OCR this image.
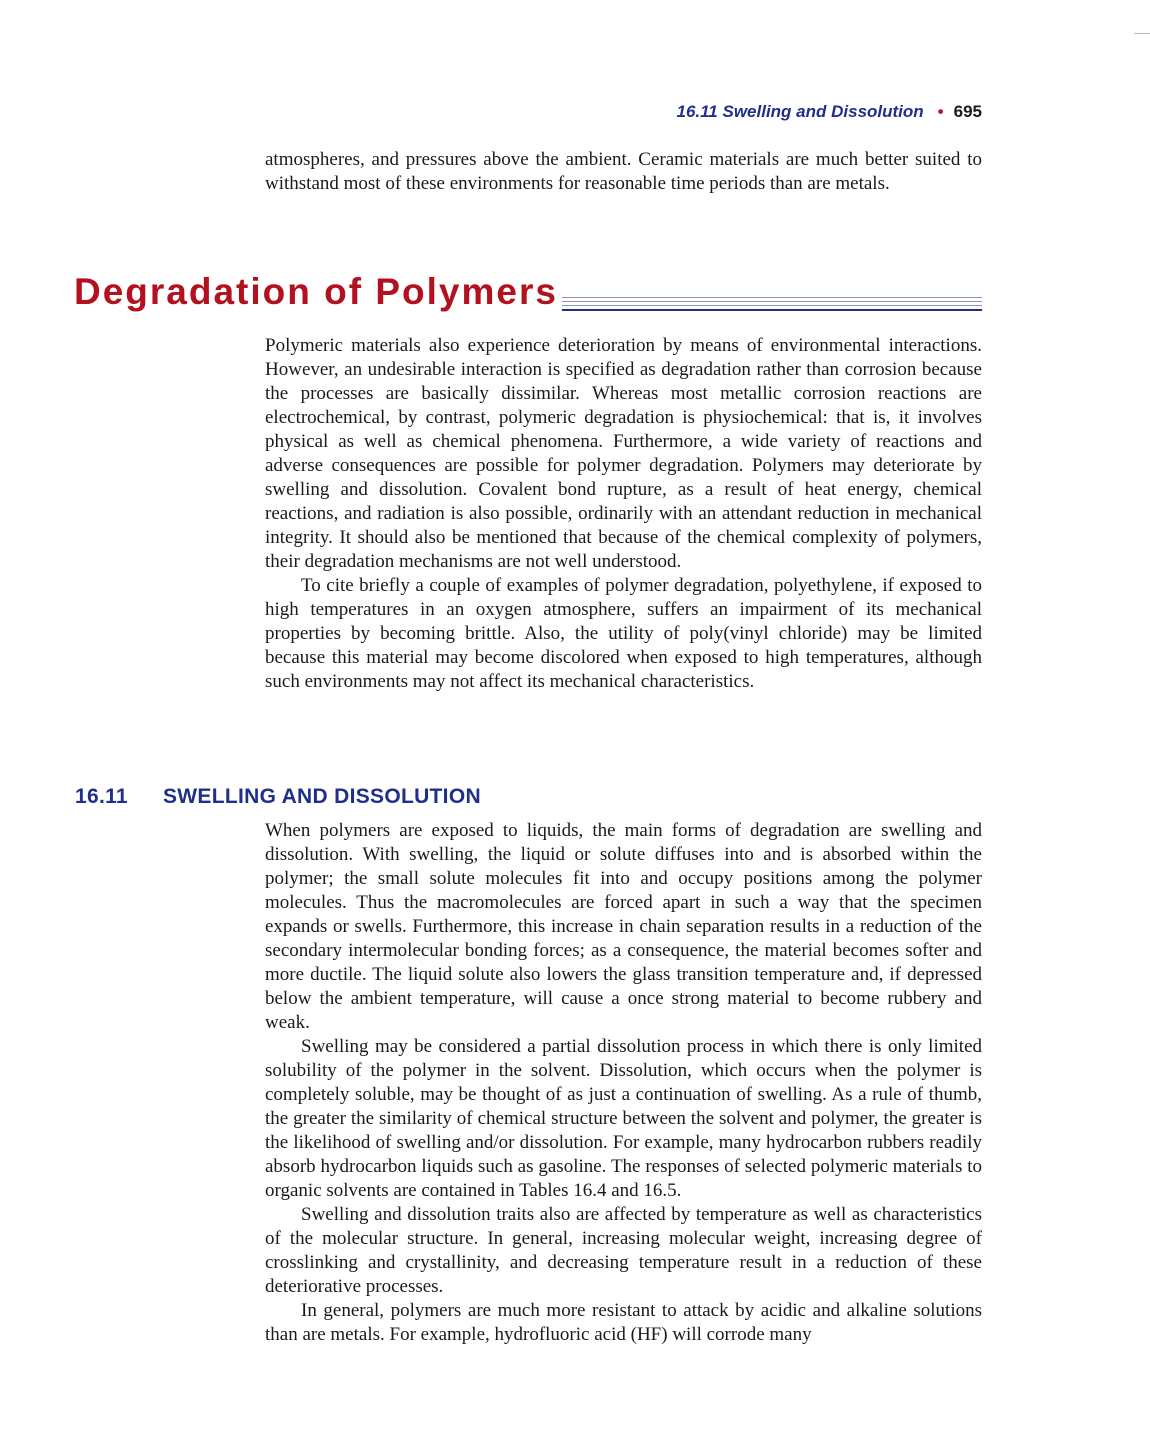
16.11 Swelling and Dissolution • 695

atmospheres, and pressures above the ambient. Ceramic materials are much better suited to withstand most of these environments for reasonable time periods than are metals.

Degradation of Polymers

Polymeric materials also experience deterioration by means of environmental interactions. However, an undesirable interaction is specified as degradation rather than corrosion because the processes are basically dissimilar. Whereas most metallic corrosion reactions are electrochemical, by contrast, polymeric degradation is physiochemical: that is, it involves physical as well as chemical phenomena. Furthermore, a wide variety of reactions and adverse consequences are possible for polymer degradation. Polymers may deteriorate by swelling and dissolution. Covalent bond rupture, as a result of heat energy, chemical reactions, and radiation is also possible, ordinarily with an attendant reduction in mechanical integrity. It should also be mentioned that because of the chemical complexity of polymers, their degradation mechanisms are not well understood.

To cite briefly a couple of examples of polymer degradation, polyethylene, if exposed to high temperatures in an oxygen atmosphere, suffers an impairment of its mechanical properties by becoming brittle. Also, the utility of poly(vinyl chloride) may be limited because this material may become discolored when exposed to high temperatures, although such environments may not affect its mechanical characteristics.

16.11 SWELLING AND DISSOLUTION

When polymers are exposed to liquids, the main forms of degradation are swelling and dissolution. With swelling, the liquid or solute diffuses into and is absorbed within the polymer; the small solute molecules fit into and occupy positions among the polymer molecules. Thus the macromolecules are forced apart in such a way that the specimen expands or swells. Furthermore, this increase in chain separation results in a reduction of the secondary intermolecular bonding forces; as a consequence, the material becomes softer and more ductile. The liquid solute also lowers the glass transition temperature and, if depressed below the ambient temperature, will cause a once strong material to become rubbery and weak.

Swelling may be considered a partial dissolution process in which there is only limited solubility of the polymer in the solvent. Dissolution, which occurs when the polymer is completely soluble, may be thought of as just a continuation of swelling. As a rule of thumb, the greater the similarity of chemical structure between the solvent and polymer, the greater is the likelihood of swelling and/or dissolution. For example, many hydrocarbon rubbers readily absorb hydrocarbon liquids such as gasoline. The responses of selected polymeric materials to organic solvents are contained in Tables 16.4 and 16.5.

Swelling and dissolution traits also are affected by temperature as well as characteristics of the molecular structure. In general, increasing molecular weight, increasing degree of crosslinking and crystallinity, and decreasing temperature result in a reduction of these deteriorative processes.

In general, polymers are much more resistant to attack by acidic and alkaline solutions than are metals. For example, hydrofluoric acid (HF) will corrode many
